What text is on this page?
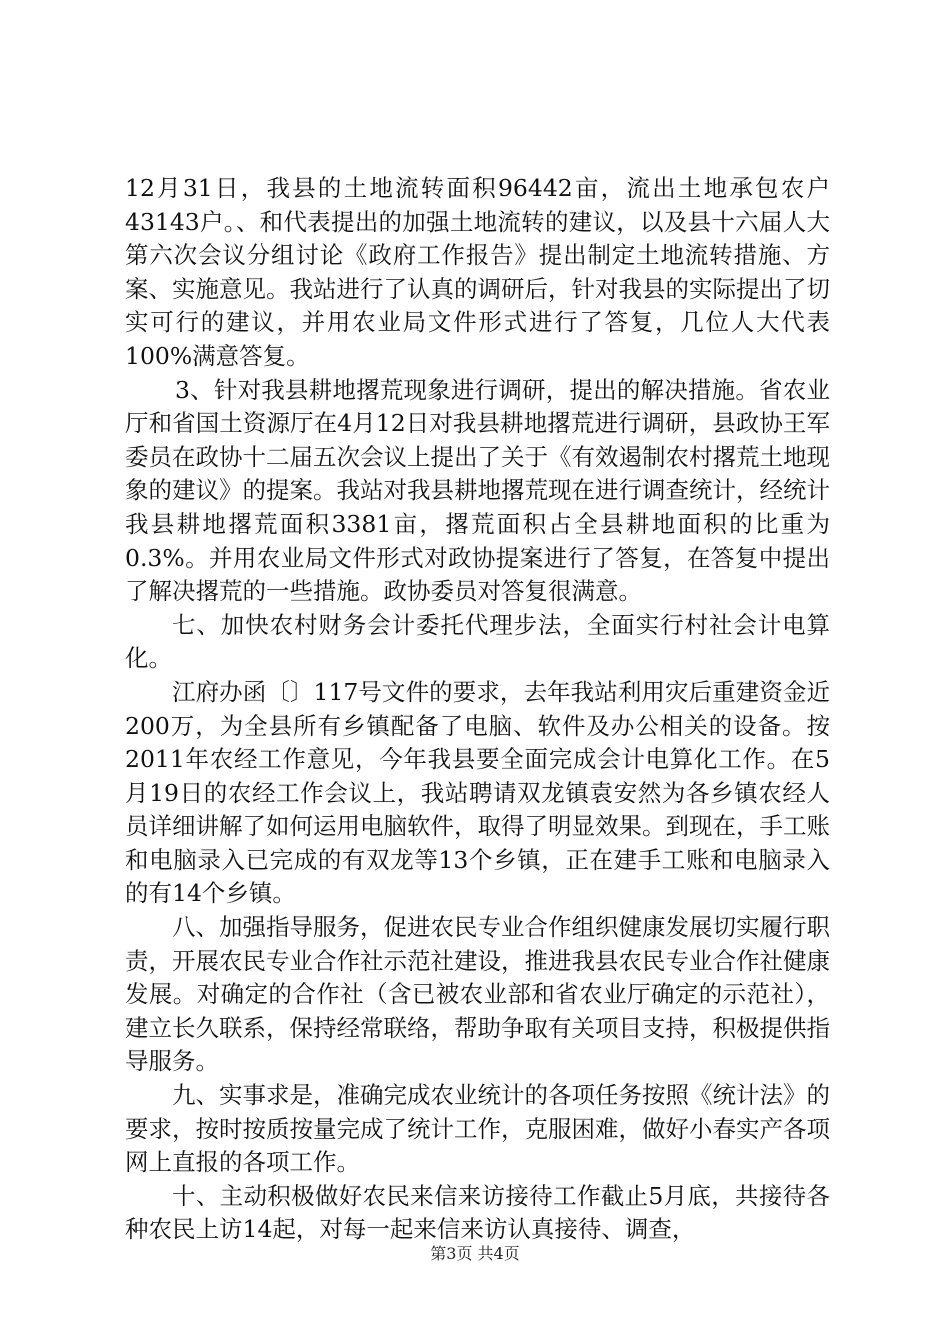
12月31日，我县的土地流转面积96442亩，流出土地承包农户43143户。、和代表提出的加强土地流转的建议，以及县十六届人大第六次会议分组讨论《政府工作报告》提出制定土地流转措施、方案、实施意见。我站进行了认真的调研后，针对我县的实际提出了切实可行的建议，并用农业局文件形式进行了答复，几位人大代表100%满意答复。

3、针对我县耕地撂荒现象进行调研，提出的解决措施。省农业厅和省国土资源厅在4月12日对我县耕地撂荒进行调研，县政协王军委员在政协十二届五次会议上提出了关于《有效遏制农村撂荒土地现象的建议》的提案。我站对我县耕地撂荒现在进行调查统计，经统计我县耕地撂荒面积3381亩，撂荒面积占全县耕地面积的比重为0.3%。并用农业局文件形式对政协提案进行了答复，在答复中提出了解决撂荒的一些措施。政协委员对答复很满意。

七、加快农村财务会计委托代理步法，全面实行村社会计电算化。

江府办函〔〕117号文件的要求，去年我站利用灾后重建资金近200万，为全县所有乡镇配备了电脑、软件及办公相关的设备。按2011年农经工作意见，今年我县要全面完成会计电算化工作。在5月19日的农经工作会议上，我站聘请双龙镇袁安然为各乡镇农经人员详细讲解了如何运用电脑软件，取得了明显效果。到现在，手工账和电脑录入已完成的有双龙等13个乡镇，正在建手工账和电脑录入的有14个乡镇。

八、加强指导服务，促进农民专业合作组织健康发展切实履行职责，开展农民专业合作社示范社建设，推进我县农民专业合作社健康发展。对确定的合作社（含已被农业部和省农业厅确定的示范社），建立长久联系，保持经常联络，帮助争取有关项目支持，积极提供指导服务。

九、实事求是，准确完成农业统计的各项任务按照《统计法》的要求，按时按质按量完成了统计工作，克服困难，做好小春实产各项网上直报的各项工作。

十、主动积极做好农民来信来访接待工作截止5月底，共接待各种农民上访14起，对每一起来信来访认真接待、调查，

第3页 共4页
